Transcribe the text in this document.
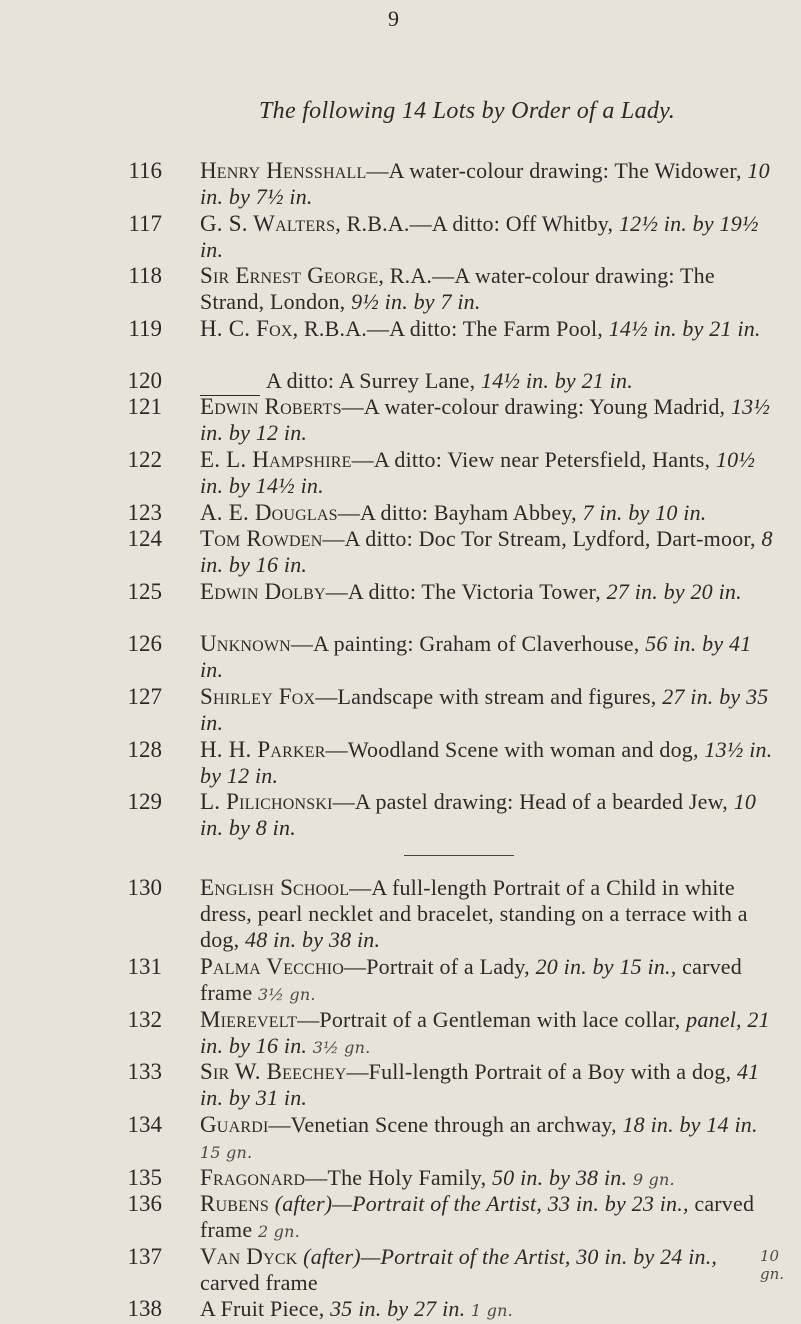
9
The following 14 Lots by Order of a Lady.
116 Henry Hensshall—A water-colour drawing: The Widower, 10 in. by 7½ in.
117 G. S. Walters, R.B.A.—A ditto: Off Whitby, 12½ in. by 19½ in.
118 Sir Ernest George, R.A.—A water-colour drawing: The Strand, London, 9½ in. by 7 in.
119 H. C. Fox, R.B.A.—A ditto: The Farm Pool, 14½ in. by 21 in.
120	A ditto: A Surrey Lane, 14½ in. by 21 in.
121 Edwin Roberts—A water-colour drawing: Young Madrid, 13½ in. by 12 in.
122 E. L. Hampshire—A ditto: View near Petersfield, Hants, 10½ in. by 14½ in.
123 A. E. Douglas—A ditto: Bayham Abbey, 7 in. by 10 in.
124 Tom Rowden—A ditto: Doc Tor Stream, Lydford, Dart-moor, 8 in. by 16 in.
125 Edwin Dolby—A ditto: The Victoria Tower, 27 in. by 20 in.
126 Unknown—A painting: Graham of Claverhouse, 56 in. by 41 in.
127 Shirley Fox—Landscape with stream and figures, 27 in. by 35 in.
128 H. H. Parker—Woodland Scene with woman and dog, 13½ in. by 12 in.
129 L. Pilichonski—A pastel drawing: Head of a bearded Jew, 10 in. by 8 in.
130 English School—A full-length Portrait of a Child in white dress, pearl necklet and bracelet, standing on a terrace with a dog, 48 in. by 38 in.
131 Palma Vecchio—Portrait of a Lady, 20 in. by 15 in., carved frame 3½ gn.
132 Mierevelt—Portrait of a Gentleman with lace collar, panel, 21 in. by 16 in. 3½ gn.
133 Sir W. Beechey—Full-length Portrait of a Boy with a dog, 41 in. by 31 in.
134 Guardi—Venetian Scene through an archway, 18 in. by 14 in. 15 gn.
135 Fragonard—The Holy Family, 50 in. by 38 in. 9 gn.
136 Rubens (after)—Portrait of the Artist, 33 in. by 23 in., carved frame 2 gn.
137 Van Dyck (after)—Portrait of the Artist, 30 in. by 24 in., carved frame
10 gn.
138 A Fruit Piece, 35 in. by 27 in. 1 gn.
